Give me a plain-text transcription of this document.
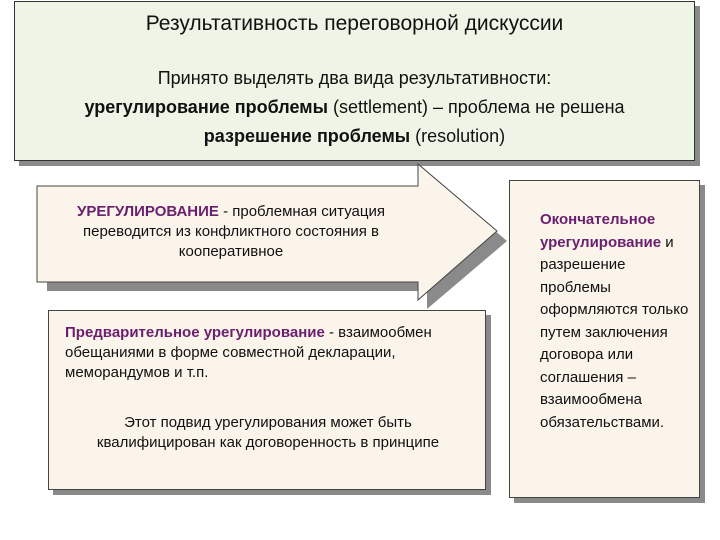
Результативность переговорной дискуссии
Принято выделять два вида результативности:
урегулирование проблемы (settlement) – проблема не решена
разрешение проблемы (resolution)
УРЕГУЛИРОВАНИЕ - проблемная ситуация переводится из конфликтного состояния в кооперативное
Предварительное урегулирование - взаимообмен обещаниями в форме совместной декларации, меморандумов и т.п.
Этот подвид урегулирования может быть квалифицирован как договоренность в принципе
Окончательное урегулирование и разрешение проблемы оформляются только путем заключения договора или соглашения – взаимообмена обязательствами.
